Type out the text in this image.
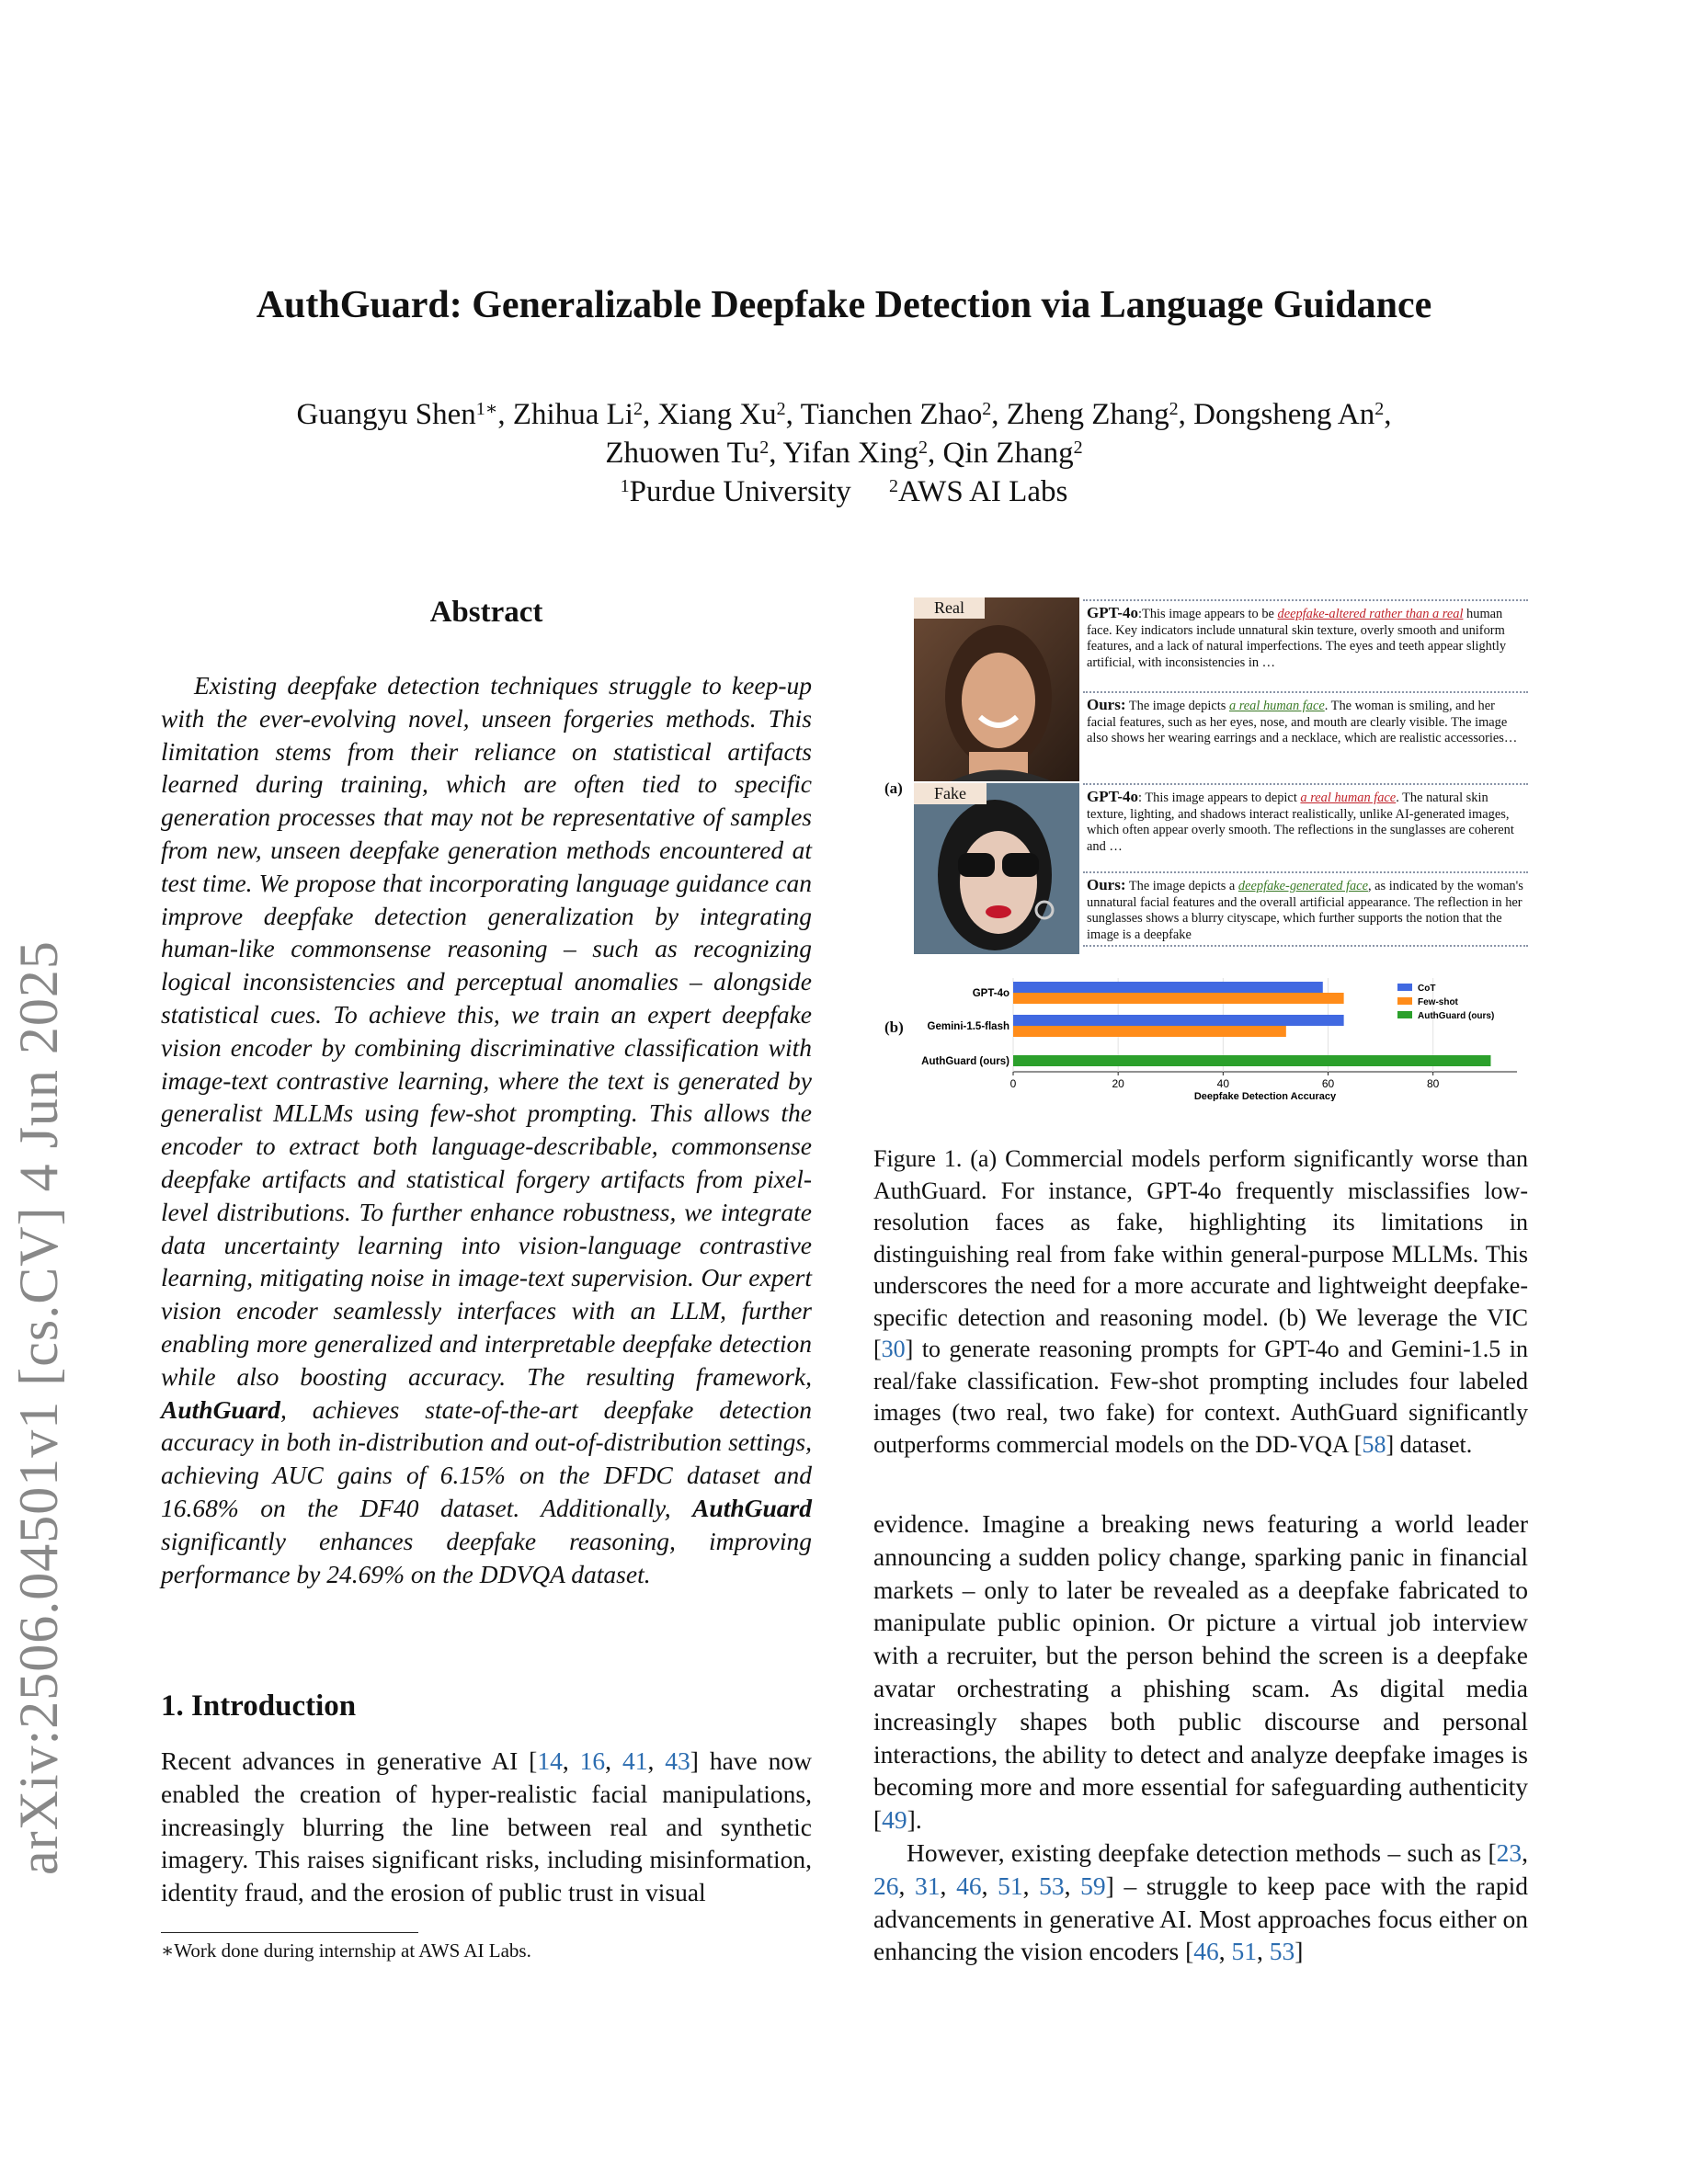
arXiv:2506.04501v1 [cs.CV] 4 Jun 2025
AuthGuard: Generalizable Deepfake Detection via Language Guidance
Guangyu Shen$^{1∗}$, Zhihua Li$^2$, Xiang Xu$^2$, Tianchen Zhao$^2$, Zheng Zhang$^2$, Dongsheng An$^2$,
Zhuowen Tu$^2$, Yifan Xing$^2$, Qin Zhang$^2$
$^1$Purdue University $^2$AWS AI Labs
Abstract
Existing deepfake detection techniques struggle to keep-up with the ever-evolving novel, unseen forgeries methods. This limitation stems from their reliance on statistical artifacts learned during training, which are often tied to specific generation processes that may not be representative of samples from new, unseen deepfake generation methods encountered at test time. We propose that incorporating language guidance can improve deepfake detection generalization by integrating human-like commonsense reasoning – such as recognizing logical inconsistencies and perceptual anomalies – alongside statistical cues. To achieve this, we train an expert deepfake vision encoder by combining discriminative classification with image-text contrastive learning, where the text is generated by generalist MLLMs using few-shot prompting. This allows the encoder to extract both language-describable, commonsense deepfake artifacts and statistical forgery artifacts from pixel-level distributions. To further enhance robustness, we integrate data uncertainty learning into vision-language contrastive learning, mitigating noise in image-text supervision. Our expert vision encoder seamlessly interfaces with an LLM, further enabling more generalized and interpretable deepfake detection while also boosting accuracy. The resulting framework, AuthGuard, achieves state-of-the-art deepfake detection accuracy in both in-distribution and out-of-distribution settings, achieving AUC gains of 6.15% on the DFDC dataset and 16.68% on the DF40 dataset. Additionally, AuthGuard significantly enhances deepfake reasoning, improving performance by 24.69% on the DDVQA dataset.
1. Introduction
Recent advances in generative AI [14, 16, 41, 43] have now enabled the creation of hyper-realistic facial manipulations, increasingly blurring the line between real and synthetic imagery. This raises significant risks, including misinformation, identity fraud, and the erosion of public trust in visual
∗Work done during internship at AWS AI Labs.
(a)
Real
Fake
GPT-4o:This image appears to be deepfake-altered rather than a real human face. Key indicators include unnatural skin texture, overly smooth and uniform features, and a lack of natural imperfections. The eyes and teeth appear slightly artificial, with inconsistencies in …
Ours: The image depicts a real human face. The woman is smiling, and her facial features, such as her eyes, nose, and mouth are clearly visible. The image also shows her wearing earrings and a necklace, which are realistic accessories…
GPT-4o: This image appears to depict a real human face. The natural skin texture, lighting, and shadows interact realistically, unlike AI-generated images, which often appear overly smooth. The reflections in the sunglasses are coherent and …
Ours: The image depicts a deepfake-generated face, as indicated by the woman's unnatural facial features and the overall artificial appearance. The reflection in her sunglasses shows a blurry cityscape, which further supports the notion that the image is a deepfake
(b)
0	20	40	60	80
Deepfake Detection Accuracy
GPT-4o
Gemini-1.5-flash
AuthGuard (ours)
CoT
Few-shot
AuthGuard (ours)
Figure 1. (a) Commercial models perform significantly worse than AuthGuard. For instance, GPT-4o frequently misclassifies low-resolution faces as fake, highlighting its limitations in distinguishing real from fake within general-purpose MLLMs. This underscores the need for a more accurate and lightweight deepfake-specific detection and reasoning model. (b) We leverage the VIC [30] to generate reasoning prompts for GPT-4o and Gemini-1.5 in real/fake classification. Few-shot prompting includes four labeled images (two real, two fake) for context. AuthGuard significantly outperforms commercial models on the DD-VQA [58] dataset.
evidence. Imagine a breaking news featuring a world leader announcing a sudden policy change, sparking panic in financial markets – only to later be revealed as a deepfake fabricated to manipulate public opinion. Or picture a virtual job interview with a recruiter, but the person behind the screen is a deepfake avatar orchestrating a phishing scam. As digital media increasingly shapes both public discourse and personal interactions, the ability to detect and analyze deepfake images is becoming more and more essential for safeguarding authenticity [49].
However, existing deepfake detection methods – such as [23, 26, 31, 46, 51, 53, 59] – struggle to keep pace with the rapid advancements in generative AI. Most approaches focus either on enhancing the vision encoders [46, 51, 53]
